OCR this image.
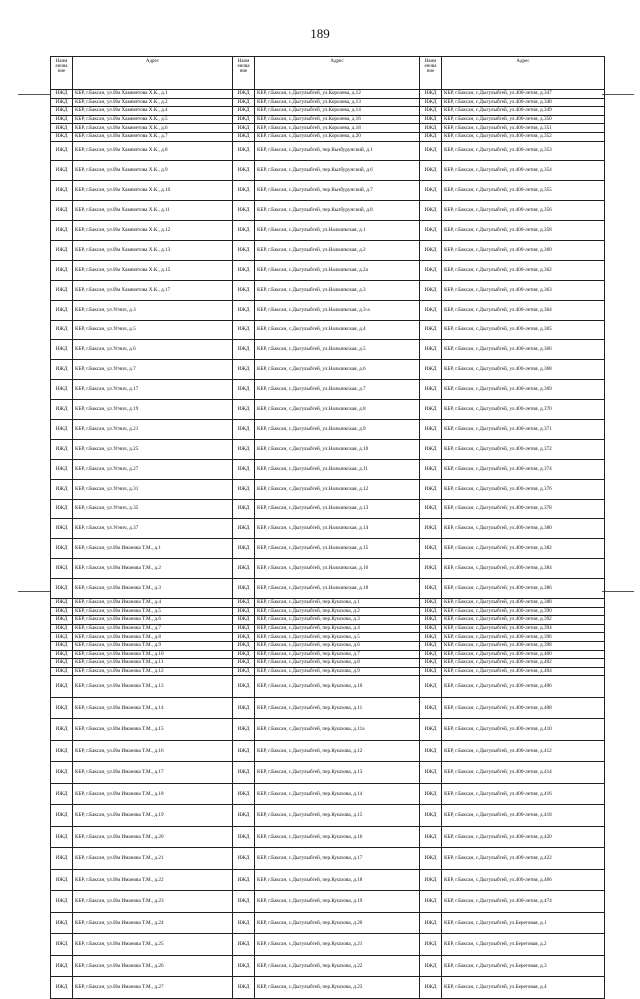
189
Наим енова ние	Адрес	Наим енова ние	Адрес	Наим енова ние	Адрес
ИЖД	КБР, г.Баксан, ул.Им Хакяметова Х.К., д.1	ИЖД	КБР, г.Баксан, с.Дыгулыбгей, ул.Королева, д.12	ИЖД	КБР, г.Баксан, с.Дыгулыбгей, ул.400-летия, д.347
ИЖД	КБР, г.Баксан, ул.Им Хакяметова Х.К., д.2	ИЖД	КБР, г.Баксан, с.Дыгулыбгей, ул.Королева, д.13	ИЖД	КБР, г.Баксан, с.Дыгулыбгей, ул.400-летия, д.348
ИЖД	КБР, г.Баксан, ул.Им Хакяметова Х.К., д.4	ИЖД	КБР, г.Баксан, с.Дыгулыбгей, ул.Королева, д.14	ИЖД	КБР, г.Баксан, с.Дыгулыбгей, ул.400-летия, д.349
ИЖД	КБР, г.Баксан, ул.Им Хакяметова Х.К., д.5	ИЖД	КБР, г.Баксан, с.Дыгулыбгей, ул.Королева, д.16	ИЖД	КБР, г.Баксан, с.Дыгулыбгей, ул.400-летия, д.350
ИЖД	КБР, г.Баксан, ул.Им Хакяметова Х.К., д.6	ИЖД	КБР, г.Баксан, с.Дыгулыбгей, ул.Королева, д.18	ИЖД	КБР, г.Баксан, с.Дыгулыбгей, ул.400-летия, д.351
ИЖД	КБР, г.Баксан, ул.Им Хакяметова Х.К., д.7	ИЖД	КБР, г.Баксан, с.Дыгулыбгей, ул.Королева, д.20	ИЖД	КБР, г.Баксан, с.Дыгулыбгей, ул.400-летия, д.352
ИЖД	КБР, г.Баксан, ул.Им Хакяметова Х.К., д.8	ИЖД	КБР, г.Баксан, с.Дыгулыбгей, пер.Кызбурунский, д.1	ИЖД	КБР, г.Баксан, с.Дыгулыбгей, ул.400-летия, д.353
ИЖД	КБР, г.Баксан, ул.Им Хакяметова Х.К., д.9	ИЖД	КБР, г.Баксан, с.Дыгулыбгей, пер.Кызбурунский, д.6	ИЖД	КБР, г.Баксан, с.Дыгулыбгей, ул.400-летия, д.354
ИЖД	КБР, г.Баксан, ул.Им Хакяметова Х.К., д.10	ИЖД	КБР, г.Баксан, с.Дыгулыбгей, пер.Кызбурунский, д.7	ИЖД	КБР, г.Баксан, с.Дыгулыбгей, ул.400-летия, д.355
ИЖД	КБР, г.Баксан, ул.Им Хакяметова Х.К., д.11	ИЖД	КБР, г.Баксан, с.Дыгулыбгей, пер.Кызбурунский, д.8	ИЖД	КБР, г.Баксан, с.Дыгулыбгей, ул.400-летия, д.356
ИЖД	КБР, г.Баксан, ул.Им Хакяметова Х.К., д.12	ИЖД	КБР, г.Баксан, с.Дыгулыбгей, ул.Нальчикская, д.1	ИЖД	КБР, г.Баксан, с.Дыгулыбгей, ул.400-летия, д.358
ИЖД	КБР, г.Баксан, ул.Им Хакяметова Х.К., д.13	ИЖД	КБР, г.Баксан, с.Дыгулыбгей, ул.Нальчикская, д.2	ИЖД	КБР, г.Баксан, с.Дыгулыбгей, ул.400-летия, д.360
ИЖД	КБР, г.Баксан, ул.Им Хакяметова Х.К., д.15	ИЖД	КБР, г.Баксан, с.Дыгулыбгей, ул.Нальчикская, д.2а	ИЖД	КБР, г.Баксан, с.Дыгулыбгей, ул.400-летия, д.362
ИЖД	КБР, г.Баксан, ул.Им Хакяметова Х.К., д.17	ИЖД	КБР, г.Баксан, с.Дыгулыбгей, ул.Нальчикская, д.3	ИЖД	КБР, г.Баксан, с.Дыгулыбгей, ул.400-летия, д.363
ИЖД	КБР, г.Баксан, ул.Угнич, д.3	ИЖД	КБР, г.Баксан, с.Дыгулыбгей, ул.Нальчикская, д.3-а	ИЖД	КБР, г.Баксан, с.Дыгулыбгей, ул.400-летия, д.364
ИЖД	КБР, г.Баксан, ул.Угнич, д.5	ИЖД	КБР, г.Баксан, с.Дыгулыбгей, ул.Нальчикская, д.4	ИЖД	КБР, г.Баксан, с.Дыгулыбгей, ул.400-летия, д.365
ИЖД	КБР, г.Баксан, ул.Угнич, д.6	ИЖД	КБР, г.Баксан, с.Дыгулыбгей, ул.Нальчикская, д.5	ИЖД	КБР, г.Баксан, с.Дыгулыбгей, ул.400-летия, д.366
ИЖД	КБР, г.Баксан, ул.Угнич, д.7	ИЖД	КБР, г.Баксан, с.Дыгулыбгей, ул.Нальчикская, д.6	ИЖД	КБР, г.Баксан, с.Дыгулыбгей, ул.400-летия, д.368
ИЖД	КБР, г.Баксан, ул.Угнич, д.17	ИЖД	КБР, г.Баксан, с.Дыгулыбгей, ул.Нальчикская, д.7	ИЖД	КБР, г.Баксан, с.Дыгулыбгей, ул.400-летия, д.369
ИЖД	КБР, г.Баксан, ул.Угнич, д.19	ИЖД	КБР, г.Баксан, с.Дыгулыбгей, ул.Нальчикская, д.8	ИЖД	КБР, г.Баксан, с.Дыгулыбгей, ул.400-летия, д.370
ИЖД	КБР, г.Баксан, ул.Угнич, д.21	ИЖД	КБР, г.Баксан, с.Дыгулыбгей, ул.Нальчикская, д.9	ИЖД	КБР, г.Баксан, с.Дыгулыбгей, ул.400-летия, д.371
ИЖД	КБР, г.Баксан, ул.Угнич, д.25	ИЖД	КБР, г.Баксан, с.Дыгулыбгей, ул.Нальчикская, д.10	ИЖД	КБР, г.Баксан, с.Дыгулыбгей, ул.400-летия, д.372
ИЖД	КБР, г.Баксан, ул.Угнич, д.27	ИЖД	КБР, г.Баксан, с.Дыгулыбгей, ул.Нальчикская, д.11	ИЖД	КБР, г.Баксан, с.Дыгулыбгей, ул.400-летия, д.374
ИЖД	КБР, г.Баксан, ул.Угнич, д.31	ИЖД	КБР, г.Баксан, с.Дыгулыбгей, ул.Нальчикская, д.12	ИЖД	КБР, г.Баксан, с.Дыгулыбгей, ул.400-летия, д.376
ИЖД	КБР, г.Баксан, ул.Угнич, д.35	ИЖД	КБР, г.Баксан, с.Дыгулыбгей, ул.Нальчикская, д.13	ИЖД	КБР, г.Баксан, с.Дыгулыбгей, ул.400-летия, д.378
ИЖД	КБР, г.Баксан, ул.Угнич, д.37	ИЖД	КБР, г.Баксан, с.Дыгулыбгей, ул.Нальчикская, д.14	ИЖД	КБР, г.Баксан, с.Дыгулыбгей, ул.400-летия, д.380
ИЖД	КБР, г.Баксан, ул.Им Иманова Т.М., д.1	ИЖД	КБР, г.Баксан, с.Дыгулыбгей, ул.Нальчикская, д.15	ИЖД	КБР, г.Баксан, с.Дыгулыбгей, ул.400-летия, д.382
ИЖД	КБР, г.Баксан, ул.Им Иманова Т.М., д.2	ИЖД	КБР, г.Баксан, с.Дыгулыбгей, ул.Нальчикская, д.16	ИЖД	КБР, г.Баксан, с.Дыгулыбгей, ул.400-летия, д.384
ИЖД	КБР, г.Баксан, ул.Им Иманова Т.М., д.3	ИЖД	КБР, г.Баксан, с.Дыгулыбгей, ул.Нальчикская, д.18	ИЖД	КБР, г.Баксан, с.Дыгулыбгей, ул.400-летия, д.386
ИЖД	КБР, г.Баксан, ул.Им Иманова Т.М., д.4	ИЖД	КБР, г.Баксан, с.Дыгулыбгей, пер.Кушхова, д.1	ИЖД	КБР, г.Баксан, с.Дыгулыбгей, ул.400-летия, д.388
ИЖД	КБР, г.Баксан, ул.Им Иманова Т.М., д.5	ИЖД	КБР, г.Баксан, с.Дыгулыбгей, пер.Кушхова, д.2	ИЖД	КБР, г.Баксан, с.Дыгулыбгей, ул.400-летия, д.390
ИЖД	КБР, г.Баксан, ул.Им Иманова Т.М., д.6	ИЖД	КБР, г.Баксан, с.Дыгулыбгей, пер.Кушхова, д.3	ИЖД	КБР, г.Баксан, с.Дыгулыбгей, ул.400-летия, д.392
ИЖД	КБР, г.Баксан, ул.Им Иманова Т.М., д.7	ИЖД	КБР, г.Баксан, с.Дыгулыбгей, пер.Кушхова, д.4	ИЖД	КБР, г.Баксан, с.Дыгулыбгей, ул.400-летия, д.394
ИЖД	КБР, г.Баксан, ул.Им Иманова Т.М., д.8	ИЖД	КБР, г.Баксан, с.Дыгулыбгей, пер.Кушхова, д.5	ИЖД	КБР, г.Баксан, с.Дыгулыбгей, ул.400-летия, д.396
ИЖД	КБР, г.Баксан, ул.Им Иманова Т.М., д.9	ИЖД	КБР, г.Баксан, с.Дыгулыбгей, пер.Кушхова, д.6	ИЖД	КБР, г.Баксан, с.Дыгулыбгей, ул.400-летия, д.398
ИЖД	КБР, г.Баксан, ул.Им Иманова Т.М., д.10	ИЖД	КБР, г.Баксан, с.Дыгулыбгей, пер.Кушхова, д.7	ИЖД	КБР, г.Баксан, с.Дыгулыбгей, ул.400-летия, д.400
ИЖД	КБР, г.Баксан, ул.Им Иманова Т.М., д.11	ИЖД	КБР, г.Баксан, с.Дыгулыбгей, пер.Кушхова, д.8	ИЖД	КБР, г.Баксан, с.Дыгулыбгей, ул.400-летия, д.402
ИЖД	КБР, г.Баксан, ул.Им Иманова Т.М., д.12	ИЖД	КБР, г.Баксан, с.Дыгулыбгей, пер.Кушхова, д.9	ИЖД	КБР, г.Баксан, с.Дыгулыбгей, ул.400-летия, д.404
ИЖД	КБР, г.Баксан, ул.Им Иманова Т.М., д.13	ИЖД	КБР, г.Баксан, с.Дыгулыбгей, пер.Кушхова, д.10	ИЖД	КБР, г.Баксан, с.Дыгулыбгей, ул.400-летия, д.406
ИЖД	КБР, г.Баксан, ул.Им Иманова Т.М., д.14	ИЖД	КБР, г.Баксан, с.Дыгулыбгей, пер.Кушхова, д.11	ИЖД	КБР, г.Баксан, с.Дыгулыбгей, ул.400-летия, д.408
ИЖД	КБР, г.Баксан, ул.Им Иманова Т.М., д.15	ИЖД	КБР, г.Баксан, с.Дыгулыбгей, пер.Кушхова, д.11а	ИЖД	КБР, г.Баксан, с.Дыгулыбгей, ул.400-летия, д.410
ИЖД	КБР, г.Баксан, ул.Им Иманова Т.М., д.16	ИЖД	КБР, г.Баксан, с.Дыгулыбгей, пер.Кушхова, д.12	ИЖД	КБР, г.Баксан, с.Дыгулыбгей, ул.400-летия, д.412
ИЖД	КБР, г.Баксан, ул.Им Иманова Т.М., д.17	ИЖД	КБР, г.Баксан, с.Дыгулыбгей, пер.Кушхова, д.13	ИЖД	КБР, г.Баксан, с.Дыгулыбгей, ул.400-летия, д.414
ИЖД	КБР, г.Баксан, ул.Им Иманова Т.М., д.18	ИЖД	КБР, г.Баксан, с.Дыгулыбгей, пер.Кушхова, д.14	ИЖД	КБР, г.Баксан, с.Дыгулыбгей, ул.400-летия, д.416
ИЖД	КБР, г.Баксан, ул.Им Иманова Т.М., д.19	ИЖД	КБР, г.Баксан, с.Дыгулыбгей, пер.Кушхова, д.15	ИЖД	КБР, г.Баксан, с.Дыгулыбгей, ул.400-летия, д.418
ИЖД	КБР, г.Баксан, ул.Им Иманова Т.М., д.20	ИЖД	КБР, г.Баксан, с.Дыгулыбгей, пер.Кушхова, д.16	ИЖД	КБР, г.Баксан, с.Дыгулыбгей, ул.400-летия, д.420
ИЖД	КБР, г.Баксан, ул.Им Иманова Т.М., д.21	ИЖД	КБР, г.Баксан, с.Дыгулыбгей, пер.Кушхова, д.17	ИЖД	КБР, г.Баксан, с.Дыгулыбгей, ул.400-летия, д.422
ИЖД	КБР, г.Баксан, ул.Им Иманова Т.М., д.22	ИЖД	КБР, г.Баксан, с.Дыгулыбгей, пер.Кушхова, д.18	ИЖД	КБР, г.Баксан, с.Дыгулыбгей, ул.400-летия, д.466
ИЖД	КБР, г.Баксан, ул.Им Иманова Т.М., д.23	ИЖД	КБР, г.Баксан, с.Дыгулыбгей, пер.Кушхова, д.19	ИЖД	КБР, г.Баксан, с.Дыгулыбгей, ул.400-летия, д.474
ИЖД	КБР, г.Баксан, ул.Им Иманова Т.М., д.24	ИЖД	КБР, г.Баксан, с.Дыгулыбгей, пер.Кушхова, д.20	ИЖД	КБР, г.Баксан, с.Дыгулыбгей, ул.Береговая, д.1
ИЖД	КБР, г.Баксан, ул.Им Иманова Т.М., д.25	ИЖД	КБР, г.Баксан, с.Дыгулыбгей, пер.Кушхова, д.21	ИЖД	КБР, г.Баксан, с.Дыгулыбгей, ул.Береговая, д.2
ИЖД	КБР, г.Баксан, ул.Им Иманова Т.М., д.26	ИЖД	КБР, г.Баксан, с.Дыгулыбгей, пер.Кушхова, д.22	ИЖД	КБР, г.Баксан, с.Дыгулыбгей, ул.Береговая, д.3
ИЖД	КБР, г.Баксан, ул.Им Иманова Т.М., д.27	ИЖД	КБР, г.Баксан, с.Дыгулыбгей, пер.Кушхова, д.23	ИЖД	КБР, г.Баксан, с.Дыгулыбгей, ул.Береговая, д.4
